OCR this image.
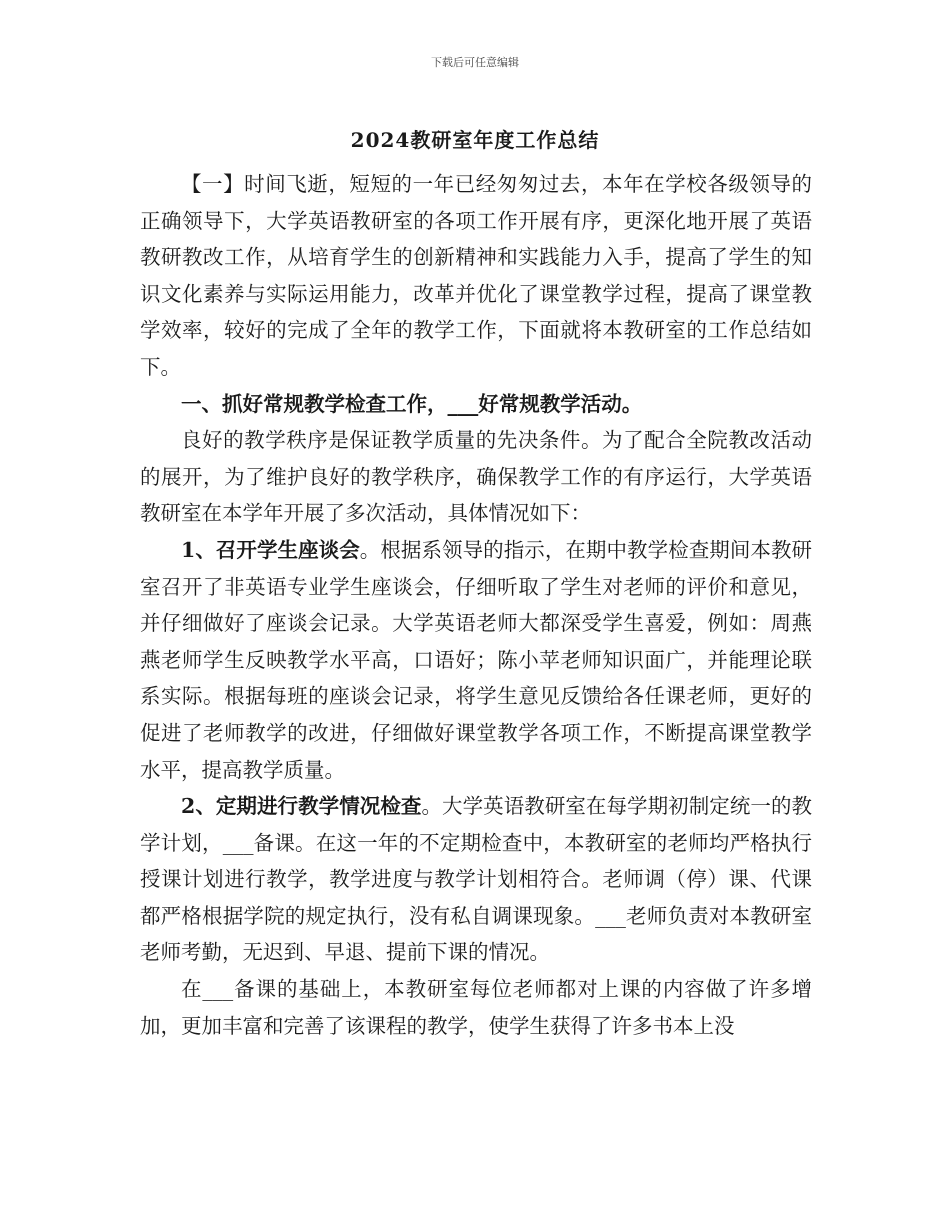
下载后可任意编辑
2024教研室年度工作总结

【一】时间飞逝，短短的一年已经匆匆过去，本年在学校各级领导的正确领导下，大学英语教研室的各项工作开展有序，更深化地开展了英语教研教改工作，从培育学生的创新精神和实践能力入手，提高了学生的知识文化素养与实际运用能力，改革并优化了课堂教学过程，提高了课堂教学效率，较好的完成了全年的教学工作，下面就将本教研室的工作总结如下。

一、抓好常规教学检查工作，___好常规教学活动。

良好的教学秩序是保证教学质量的先决条件。为了配合全院教改活动的展开，为了维护良好的教学秩序，确保教学工作的有序运行，大学英语教研室在本学年开展了多次活动，具体情况如下：

1、召开学生座谈会。根据系领导的指示，在期中教学检查期间本教研室召开了非英语专业学生座谈会，仔细听取了学生对老师的评价和意见，并仔细做好了座谈会记录。大学英语老师大都深受学生喜爱，例如：周燕燕老师学生反映教学水平高，口语好；陈小苹老师知识面广，并能理论联系实际。根据每班的座谈会记录，将学生意见反馈给各任课老师，更好的促进了老师教学的改进，仔细做好课堂教学各项工作，不断提高课堂教学水平，提高教学质量。

2、定期进行教学情况检查。大学英语教研室在每学期初制定统一的教学计划，___备课。在这一年的不定期检查中，本教研室的老师均严格执行授课计划进行教学，教学进度与教学计划相符合。老师调（停）课、代课都严格根据学院的规定执行，没有私自调课现象。___老师负责对本教研室老师考勤，无迟到、早退、提前下课的情况。

在___备课的基础上，本教研室每位老师都对上课的内容做了许多增加，更加丰富和完善了该课程的教学，使学生获得了许多书本上没
